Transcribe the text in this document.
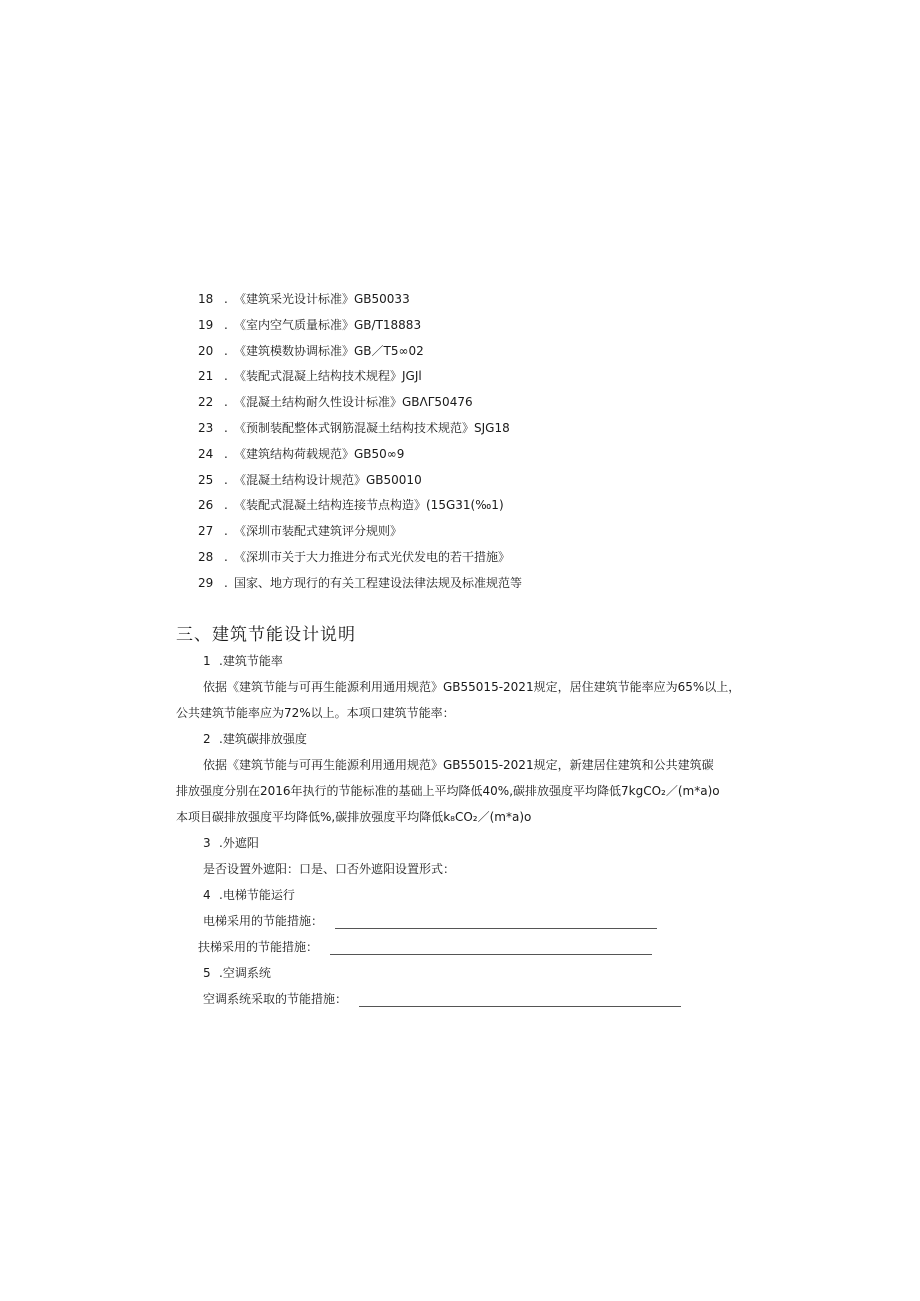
18 . 《建筑采光设计标准》GB50033
19 . 《室内空气质量标准》GB/T18883
20 . 《建筑模数协调标准》GB／T5∞02
21 . 《装配式混凝上结构技术规程》JGJl
22 . 《混凝土结构耐久性设计标准》GBΛΓ50476
23 . 《预制装配整体式钢筋混凝土结构技术规范》SJG18
24 . 《建筑结构荷载规范》GB50∞9
25 . 《混凝土结构设计规范》GB50010
26 . 《装配式混凝土结构连接节点构造》(15G31(‰1)
27 . 《深圳市装配式建筑评分规则》
28 . 《深圳市关于大力推进分布式光伏发电的若干措施》
29 . 国家、地方现行的有关工程建设法律法规及标准规范等
三、建筑节能设计说明
1 .建筑节能率
依据《建筑节能与可再生能源利用通用规范》GB55015-2021规定，居住建筑节能率应为65%以上，
公共建筑节能率应为72%以上。本项口建筑节能率：
2 .建筑碳排放强度
依据《建筑节能与可再生能源利用通用规范》GB55015-2021规定，新建居住建筑和公共建筑碳
排放强度分别在2016年执行的节能标准的基础上平均降低40%,碳排放强度平均降低7kgCO₂／(m*a)o
本项目碳排放强度平均降低%,碳排放强度平均降低k₈CO₂／(m*a)o
3 .外遮阳
是否设置外遮阳：口是、口否外遮阳设置形式：
4 .电梯节能运行
电梯采用的节能措施：
扶梯采用的节能措施：
5 .空调系统
空调系统采取的节能措施：
